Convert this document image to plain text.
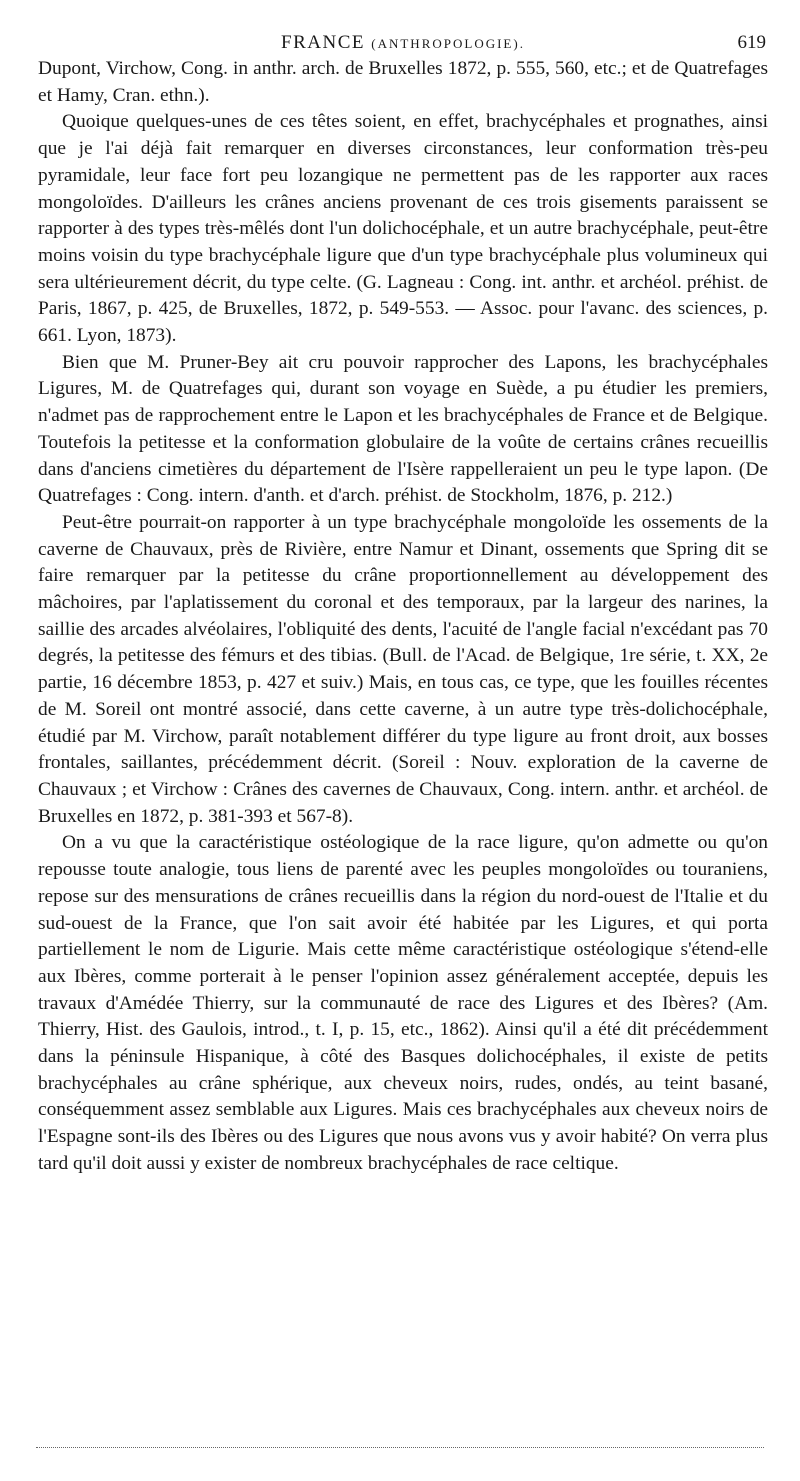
FRANCE (ANTHROPOLOGIE).	619

Dupont, Virchow, Cong. in anthr. arch. de Bruxelles 1872, p. 555, 560, etc.; et de Quatrefages et Hamy, Cran. ethn.).

Quoique quelques-unes de ces têtes soient, en effet, brachycéphales et prognathes, ainsi que je l'ai déjà fait remarquer en diverses circonstances, leur conformation très-peu pyramidale, leur face fort peu lozangique ne permettent pas de les rapporter aux races mongoloïdes. D'ailleurs les crânes anciens provenant de ces trois gisements paraissent se rapporter à des types très-mêlés dont l'un dolichocéphale, et un autre brachycéphale, peut-être moins voisin du type brachycéphale ligure que d'un type brachycéphale plus volumineux qui sera ultérieurement décrit, du type celte. (G. Lagneau : Cong. int. anthr. et archéol. préhist. de Paris, 1867, p. 425, de Bruxelles, 1872, p. 549-553. — Assoc. pour l'avanc. des sciences, p. 661. Lyon, 1873).

Bien que M. Pruner-Bey ait cru pouvoir rapprocher des Lapons, les brachycéphales Ligures, M. de Quatrefages qui, durant son voyage en Suède, a pu étudier les premiers, n'admet pas de rapprochement entre le Lapon et les brachycéphales de France et de Belgique. Toutefois la petitesse et la conformation globulaire de la voûte de certains crânes recueillis dans d'anciens cimetières du département de l'Isère rappelleraient un peu le type lapon. (De Quatrefages : Cong. intern. d'anth. et d'arch. préhist. de Stockholm, 1876, p. 212.)

Peut-être pourrait-on rapporter à un type brachycéphale mongoloïde les ossements de la caverne de Chauvaux, près de Rivière, entre Namur et Dinant, ossements que Spring dit se faire remarquer par la petitesse du crâne proportionnellement au développement des mâchoires, par l'aplatissement du coronal et des temporaux, par la largeur des narines, la saillie des arcades alvéolaires, l'obliquité des dents, l'acuité de l'angle facial n'excédant pas 70 degrés, la petitesse des fémurs et des tibias. (Bull. de l'Acad. de Belgique, 1re série, t. XX, 2e partie, 16 décembre 1853, p. 427 et suiv.) Mais, en tous cas, ce type, que les fouilles récentes de M. Soreil ont montré associé, dans cette caverne, à un autre type très-dolichocéphale, étudié par M. Virchow, paraît notablement différer du type ligure au front droit, aux bosses frontales, saillantes, précédemment décrit. (Soreil : Nouv. exploration de la caverne de Chauvaux ; et Virchow : Crânes des cavernes de Chauvaux, Cong. intern. anthr. et archéol. de Bruxelles en 1872, p. 381-393 et 567-8).

On a vu que la caractéristique ostéologique de la race ligure, qu'on admette ou qu'on repousse toute analogie, tous liens de parenté avec les peuples mongoloïdes ou touraniens, repose sur des mensurations de crânes recueillis dans la région du nord-ouest de l'Italie et du sud-ouest de la France, que l'on sait avoir été habitée par les Ligures, et qui porta partiellement le nom de Ligurie. Mais cette même caractéristique ostéologique s'étend-elle aux Ibères, comme porterait à le penser l'opinion assez généralement acceptée, depuis les travaux d'Amédée Thierry, sur la communauté de race des Ligures et des Ibères? (Am. Thierry, Hist. des Gaulois, introd., t. I, p. 15, etc., 1862). Ainsi qu'il a été dit précédemment dans la péninsule Hispanique, à côté des Basques dolichocéphales, il existe de petits brachycéphales au crâne sphérique, aux cheveux noirs, rudes, ondés, au teint basané, conséquemment assez semblable aux Ligures. Mais ces brachycéphales aux cheveux noirs de l'Espagne sont-ils des Ibères ou des Ligures que nous avons vus y avoir habité? On verra plus tard qu'il doit aussi y exister de nombreux brachycéphales de race celtique.
